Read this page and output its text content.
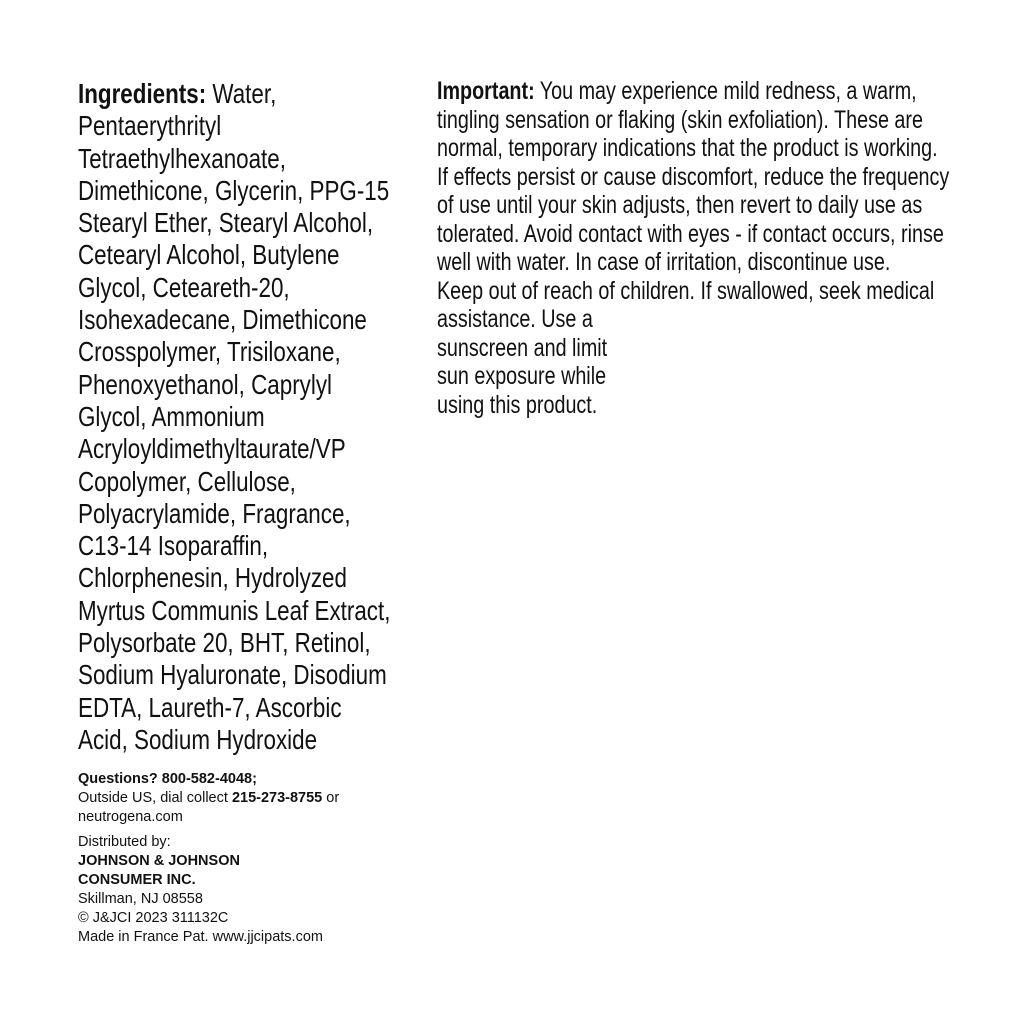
Ingredients: Water,
Pentaerythrityl
Tetraethylhexanoate,
Dimethicone, Glycerin, PPG-15
Stearyl Ether, Stearyl Alcohol,
Cetearyl Alcohol, Butylene
Glycol, Ceteareth-20,
Isohexadecane, Dimethicone
Crosspolymer, Trisiloxane,
Phenoxyethanol, Caprylyl
Glycol, Ammonium
Acryloyldimethyltaurate/VP
Copolymer, Cellulose,
Polyacrylamide, Fragrance,
C13-14 Isoparaffin,
Chlorphenesin, Hydrolyzed
Myrtus Communis Leaf Extract,
Polysorbate 20, BHT, Retinol,
Sodium Hyaluronate, Disodium
EDTA, Laureth-7, Ascorbic
Acid, Sodium Hydroxide
Important: You may experience mild redness, a warm,
tingling sensation or flaking (skin exfoliation). These are
normal, temporary indications that the product is working.
If effects persist or cause discomfort, reduce the frequency
of use until your skin adjusts, then revert to daily use as
tolerated. Avoid contact with eyes - if contact occurs, rinse
well with water. In case of irritation, discontinue use.
Keep out of reach of children. If swallowed, seek medical
assistance. Use a
sunscreen and limit
sun exposure while
using this product.
Questions? 800-582-4048;
Outside US, dial collect 215-273-8755 or
neutrogena.com
Distributed by:
JOHNSON & JOHNSON
CONSUMER INC.
Skillman, NJ 08558
© J&JCI 2023 311132C
Made in France Pat. www.jjcipats.com
